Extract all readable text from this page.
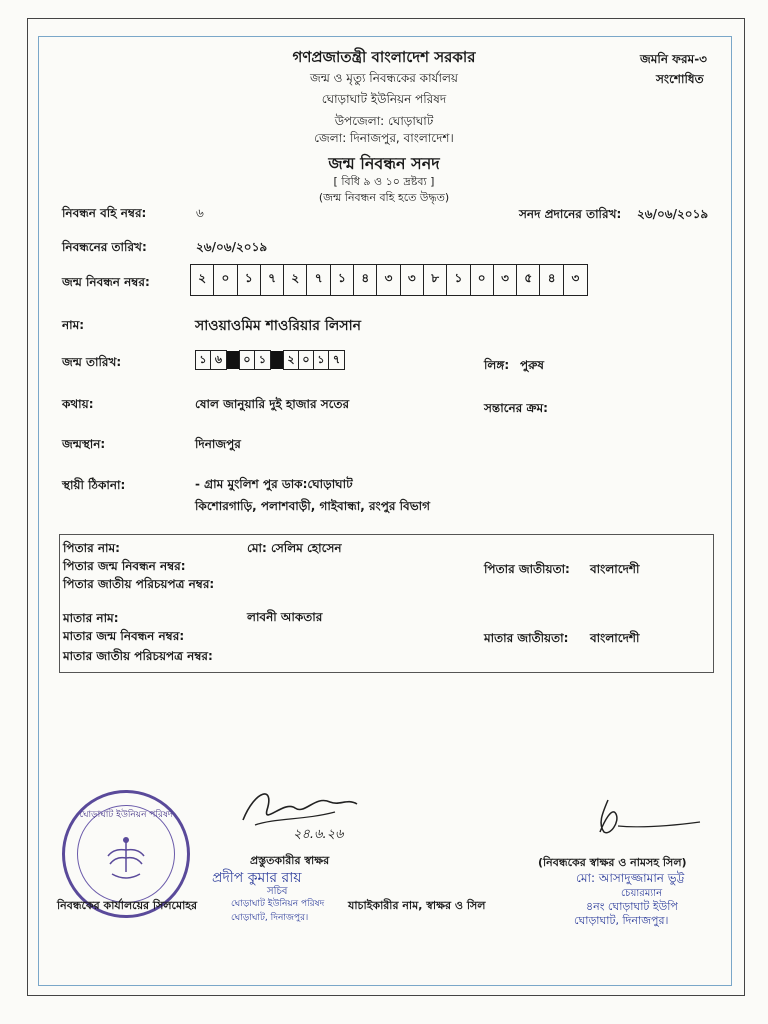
গণপ্রজাতন্ত্রী বাংলাদেশ সরকার
জন্ম ও মৃত্যু নিবন্ধকের কার্যালয়
ঘোড়াঘাট ইউনিয়ন পরিষদ
উপজেলা: ঘোড়াঘাট
জেলা: দিনাজপুর, বাংলাদেশ।
জন্ম নিবন্ধন সনদ
[ বিধি ৯ ও ১০ দ্রষ্টব্য ]
(জন্ম নিবন্ধন বহি হতে উদ্ধৃত)
জমনি ফরম-৩
সংশোধিত
নিবন্ধন বহি নম্বর:	৬	সনদ প্রদানের তারিখ: ২৬/০৬/২০১৯
নিবন্ধনের তারিখ:	২৬/০৬/২০১৯
জন্ম নিবন্ধন নম্বর:	২	০	১	৭	২	৭	১	৪	৩	৩	৮	১	০	৩	৫	৪	৩
নাম:	সাওয়াওমিম শাওরিয়ার লিসান
জন্ম তারিখ:	১ ৬	০ ১	২ ০ ১ ৭	লিঙ্গ: পুরুষ
কথায়:	ষোল জানুয়ারি দুই হাজার সতের	সন্তানের ক্রম:
জন্মস্থান:	দিনাজপুর
স্থায়ী ঠিকানা:	- গ্রাম মুংলিশ পুর ডাক:ঘোড়াঘাট
কিশোরগাড়ি, পলাশবাড়ী, গাইবান্ধা, রংপুর বিভাগ
পিতার নাম:	মো: সেলিম হোসেন
পিতার জন্ম নিবন্ধন নম্বর:	পিতার জাতীয়তা: বাংলাদেশী
পিতার জাতীয় পরিচয়পত্র নম্বর:
মাতার নাম:	লাবনী আকতার
মাতার জন্ম নিবন্ধন নম্বর:	মাতার জাতীয়তা: বাংলাদেশী
মাতার জাতীয় পরিচয়পত্র নম্বর:
ঘোড়াঘাট ইউনিয়ন পরিষদ
২৪.৬.২৬
প্রস্তুতকারীর স্বাক্ষর
প্রদীপ কুমার রায়
সচিব
ঘোড়াঘাট ইউনিয়ন পরিষদ
ঘোড়াঘাট, দিনাজপুর।
নিবন্ধকের কার্যালয়ের সিলমোহর	যাচাইকারীর নাম, স্বাক্ষর ও সিল
(নিবন্ধকের স্বাক্ষর ও নামসহ সিল)
মো: আসাদুজ্জামান ভুট্ট
চেয়ারম্যান
৪নং ঘোড়াঘাট ইউপি
ঘোড়াঘাট, দিনাজপুর।
